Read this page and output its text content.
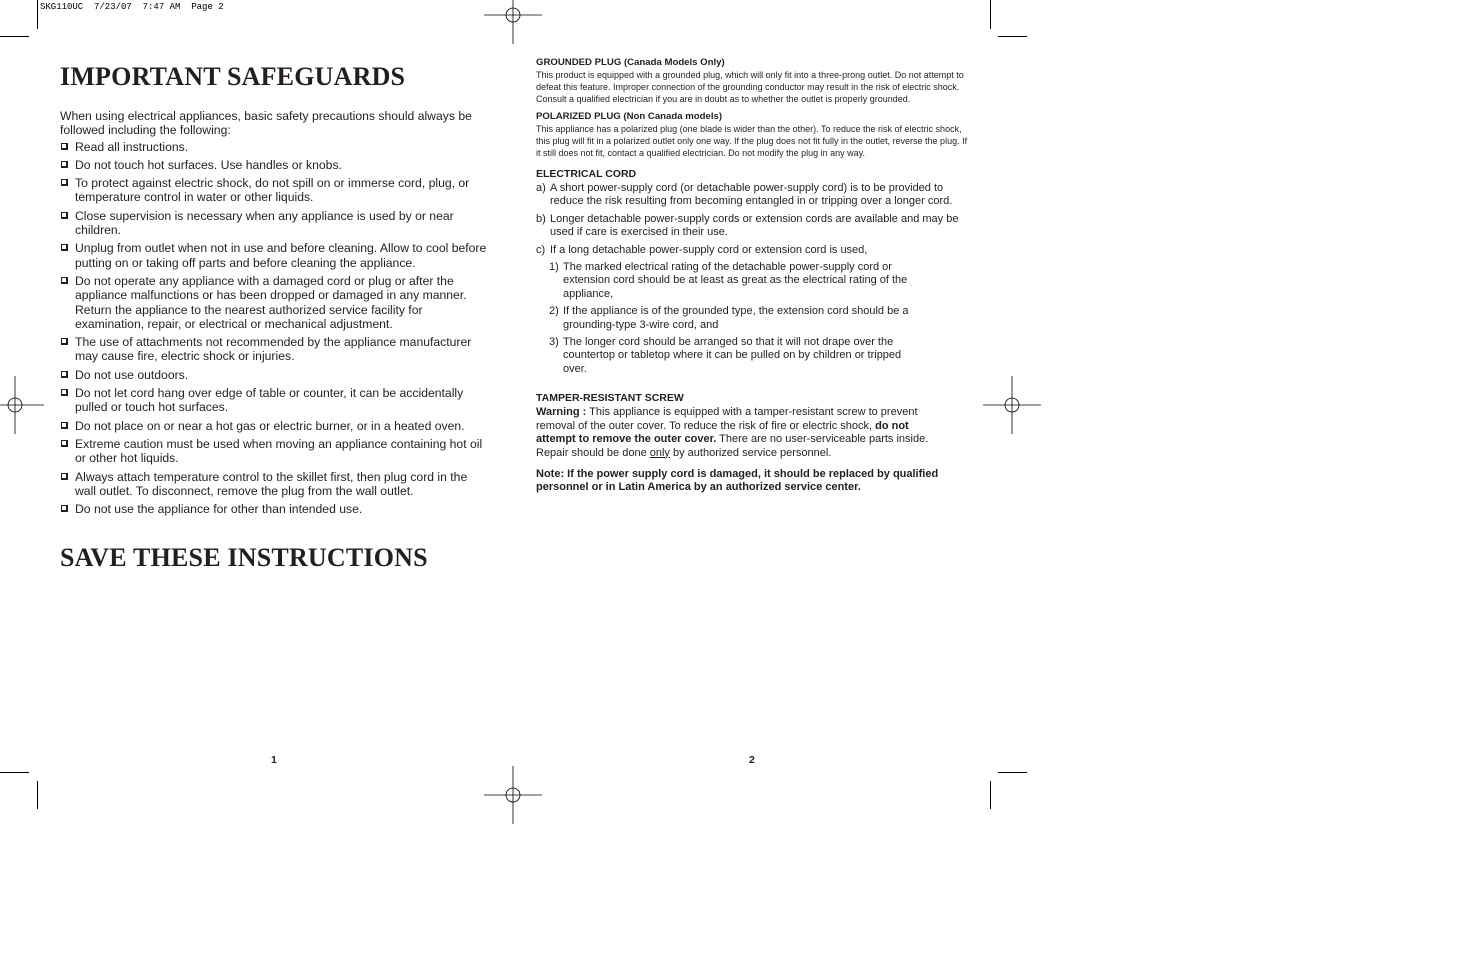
SKG110UC  7/23/07  7:47 AM  Page 2
IMPORTANT SAFEGUARDS
When using electrical appliances, basic safety precautions should always be followed including the following:
Read all instructions.
Do not touch hot surfaces. Use handles or knobs.
To protect against electric shock, do not spill on or immerse cord, plug, or temperature control in water or other liquids.
Close supervision is necessary when any appliance is used by or near children.
Unplug from outlet when not in use and before cleaning. Allow to cool before putting on or taking off parts and before cleaning the appliance.
Do not operate any appliance with a damaged cord or plug or after the appliance malfunctions or has been dropped or damaged in any manner. Return the appliance to the nearest authorized service facility for examination, repair, or electrical or mechanical adjustment.
The use of attachments not recommended by the appliance manufacturer may cause fire, electric shock or injuries.
Do not use outdoors.
Do not let cord hang over edge of table or counter, it can be accidentally pulled or touch hot surfaces.
Do not place on or near a hot gas or electric burner, or in a heated oven.
Extreme caution must be used when moving an appliance containing hot oil or other hot liquids.
Always attach temperature control to the skillet first, then plug cord in the wall outlet. To disconnect, remove the plug from the wall outlet.
Do not use the appliance for other than intended use.
SAVE THESE INSTRUCTIONS
1
GROUNDED PLUG (Canada Models Only)

This product is equipped with a grounded plug, which will only fit into a three-prong outlet. Do not attempt to defeat this feature. Improper connection of the grounding conductor may result in the risk of electric shock. Consult a qualified electrician if you are in doubt as to whether the outlet is properly grounded.

POLARIZED PLUG (Non Canada models)

This appliance has a polarized plug (one blade is wider than the other). To reduce the risk of electric shock, this plug will fit in a polarized outlet only one way. If the plug does not fit fully in the outlet, reverse the plug. If it still does not fit, contact a qualified electrician. Do not modify the plug in any way.

ELECTRICAL CORD
a) A short power-supply cord (or detachable power-supply cord) is to be provided to reduce the risk resulting from becoming entangled in or tripping over a longer cord.
b) Longer detachable power-supply cords or extension cords are available and may be used if care is exercised in their use.
c) If a long detachable power-supply cord or extension cord is used,
1) The marked electrical rating of the detachable power-supply cord or extension cord should be at least as great as the electrical rating of the appliance,
2) If the appliance is of the grounded type, the extension cord should be a grounding-type 3-wire cord, and
3) The longer cord should be arranged so that it will not drape over the countertop or tabletop where it can be pulled on by children or tripped over.
TAMPER-RESISTANT SCREW
Warning : This appliance is equipped with a tamper-resistant screw to prevent removal of the outer cover. To reduce the risk of fire or electric shock, do not attempt to remove the outer cover. There are no user-serviceable parts inside. Repair should be done only by authorized service personnel.
Note: If the power supply cord is damaged, it should be replaced by qualified personnel or in Latin America by an authorized service center.
2
